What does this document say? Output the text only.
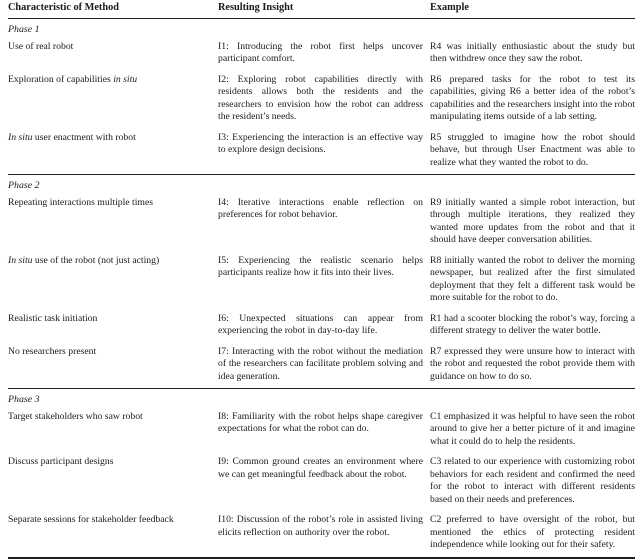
Characteristic of Method	Resulting Insight	Example
Phase 1		
Use of real robot	I1: Introducing the robot first helps uncover participant comfort.	R4 was initially enthusiastic about the study but then withdrew once they saw the robot.
Exploration of capabilities in situ	I2: Exploring robot capabilities directly with residents allows both the residents and the researchers to envision how the robot can address the resident’s needs.	R6 prepared tasks for the robot to test its capabilities, giving R6 a better idea of the robot’s capabilities and the researchers insight into the robot manipulating items outside of a lab setting.
In situ user enactment with robot	I3: Experiencing the interaction is an effective way to explore design decisions.	R5 struggled to imagine how the robot should behave, but through User Enactment was able to realize what they wanted the robot to do.
Phase 2		
Repeating interactions multiple times	I4: Iterative interactions enable reflection on preferences for robot behavior.	R9 initially wanted a simple robot interaction, but through multiple iterations, they realized they wanted more updates from the robot and that it should have deeper conversation abilities.
In situ use of the robot (not just acting)	I5: Experiencing the realistic scenario helps participants realize how it fits into their lives.	R8 initially wanted the robot to deliver the morning newspaper, but realized after the first simulated deployment that they felt a different task would be more suitable for the robot to do.
Realistic task initiation	I6: Unexpected situations can appear from experiencing the robot in day-to-day life.	R1 had a scooter blocking the robot’s way, forcing a different strategy to deliver the water bottle.
No researchers present	I7: Interacting with the robot without the mediation of the researchers can facilitate problem solving and idea generation.	R7 expressed they were unsure how to interact with the robot and requested the robot provide them with guidance on how to do so.
Phase 3		
Target stakeholders who saw robot	I8: Familiarity with the robot helps shape caregiver expectations for what the robot can do.	C1 emphasized it was helpful to have seen the robot around to give her a better picture of it and imagine what it could do to help the residents.
Discuss participant designs	I9: Common ground creates an environment where we can get meaningful feedback about the robot.	C3 related to our experience with customizing robot behaviors for each resident and confirmed the need for the robot to interact with different residents based on their needs and preferences.
Separate sessions for stakeholder feedback	I10: Discussion of the robot’s role in assisted living elicits reflection on authority over the robot.	C2 preferred to have oversight of the robot, but mentioned the ethics of protecting resident independence while looking out for their safety.
